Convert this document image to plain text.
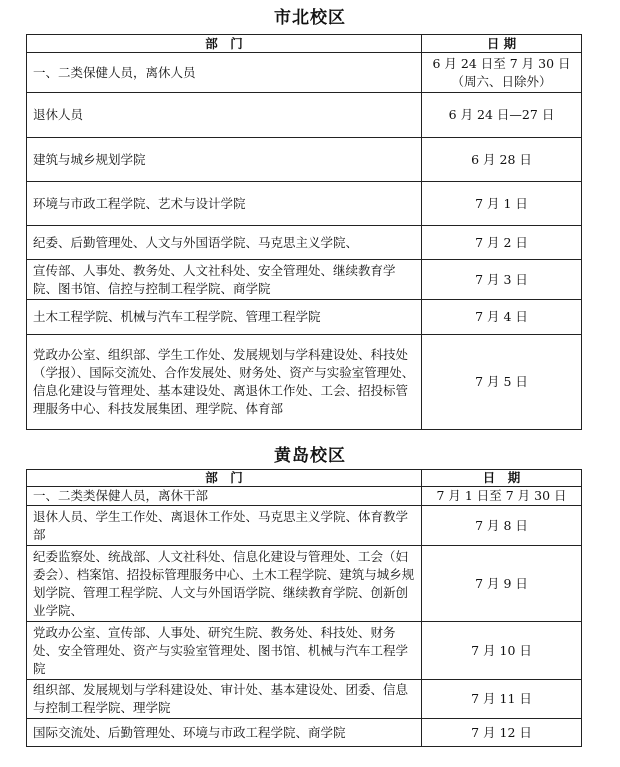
市北校区
部　门	日 期
一、二类保健人员，离休人员	6 月 24 日至 7 月 30 日
（周六、日除外）

退休人员	6 月 24 日—27 日
建筑与城乡规划学院	6 月 28 日
环境与市政工程学院、艺术与设计学院	7 月 1 日
纪委、后勤管理处、人文与外国语学院、马克思主义学院、	7 月 2 日
宣传部、人事处、教务处、人文社科处、安全管理处、继续教育学院、图书馆、信控与控制工程学院、商学院	7 月 3 日
土木工程学院、机械与汽车工程学院、管理工程学院	7 月 4 日
党政办公室、组织部、学生工作处、发展规划与学科建设处、科技处（学报）、国际交流处、合作发展处、财务处、资产与实验室管理处、信息化建设与管理处、基本建设处、离退休工作处、工会、招投标管理服务中心、科技发展集团、理学院、体育部	7 月 5 日
黄岛校区
部　门	日　期
一、二类类保健人员，离休干部	7 月 1 日至 7 月 30 日
退休人员、学生工作处、离退休工作处、马克思主义学院、体育教学部	7 月 8 日
纪委监察处、统战部、人文社科处、信息化建设与管理处、工会（妇委会）、档案馆、招投标管理服务中心、土木工程学院、建筑与城乡规划学院、管理工程学院、人文与外国语学院、继续教育学院、创新创业学院、	7 月 9 日
党政办公室、宣传部、人事处、研究生院、教务处、科技处、财务处、安全管理处、资产与实验室管理处、图书馆、机械与汽车工程学院	7 月 10 日
组织部、发展规划与学科建设处、审计处、基本建设处、团委、信息与控制工程学院、理学院	7 月 11 日
国际交流处、后勤管理处、环境与市政工程学院、商学院	7 月 12 日
